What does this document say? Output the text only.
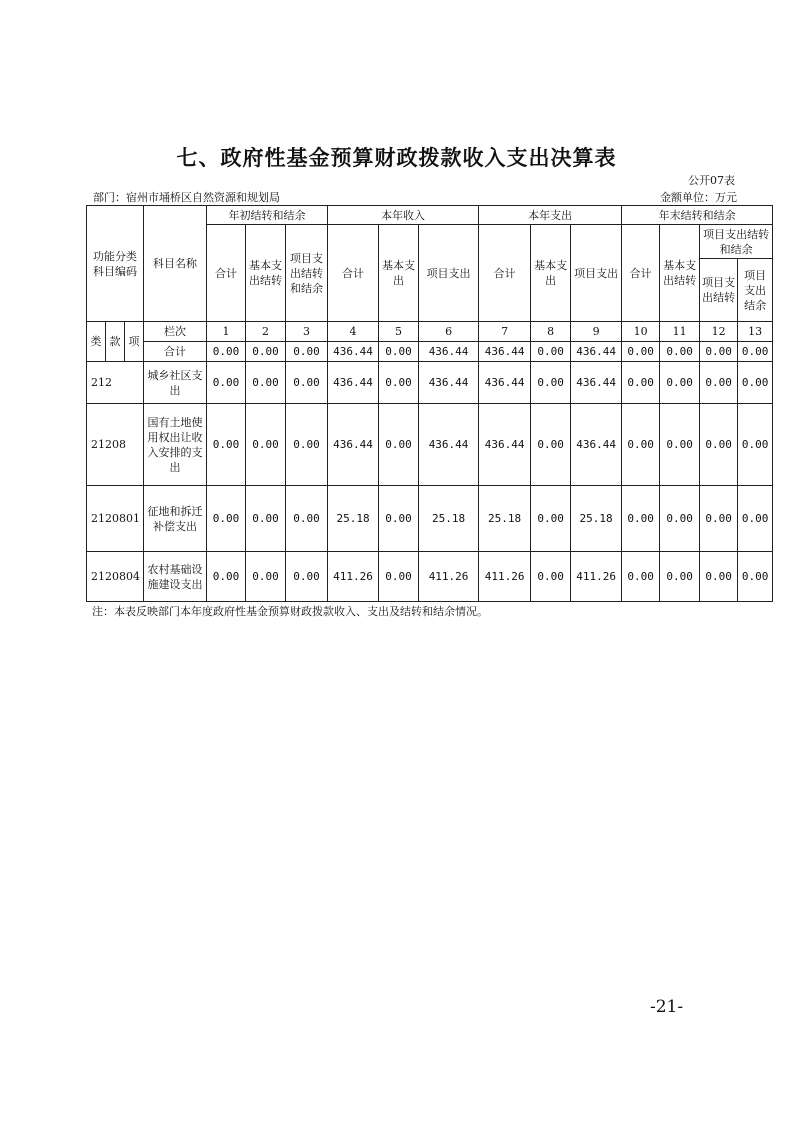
七、政府性基金预算财政拨款收入支出决算表
公开07表
部门：宿州市埇桥区自然资源和规划局	金额单位：万元
功能分类科目编码			科目名称	年初结转和结余			本年收入			本年支出			年末结转和结余			
				合计	基本支出结转	项目支出结转和结余	合计	基本支出	项目支出	合计	基本支出	项目支出	合计	基本支出结转	项目支出结转和结余	
															项目支出结转	项目支出结余
类	款	项	栏次	1	2	3	4	5	6	7	8	9	10	11	12	13
			合计	0.00	0.00	0.00	436.44	0.00	436.44	436.44	0.00	436.44	0.00	0.00	0.00	0.00
212			城乡社区支出	0.00	0.00	0.00	436.44	0.00	436.44	436.44	0.00	436.44	0.00	0.00	0.00	0.00
21208			国有土地使用权出让收入安排的支出	0.00	0.00	0.00	436.44	0.00	436.44	436.44	0.00	436.44	0.00	0.00	0.00	0.00
2120801			征地和拆迁补偿支出	0.00	0.00	0.00	25.18	0.00	25.18	25.18	0.00	25.18	0.00	0.00	0.00	0.00
2120804			农村基础设施建设支出	0.00	0.00	0.00	411.26	0.00	411.26	411.26	0.00	411.26	0.00	0.00	0.00	0.00
注：本表反映部门本年度政府性基金预算财政拨款收入、支出及结转和结余情况。
-21-
